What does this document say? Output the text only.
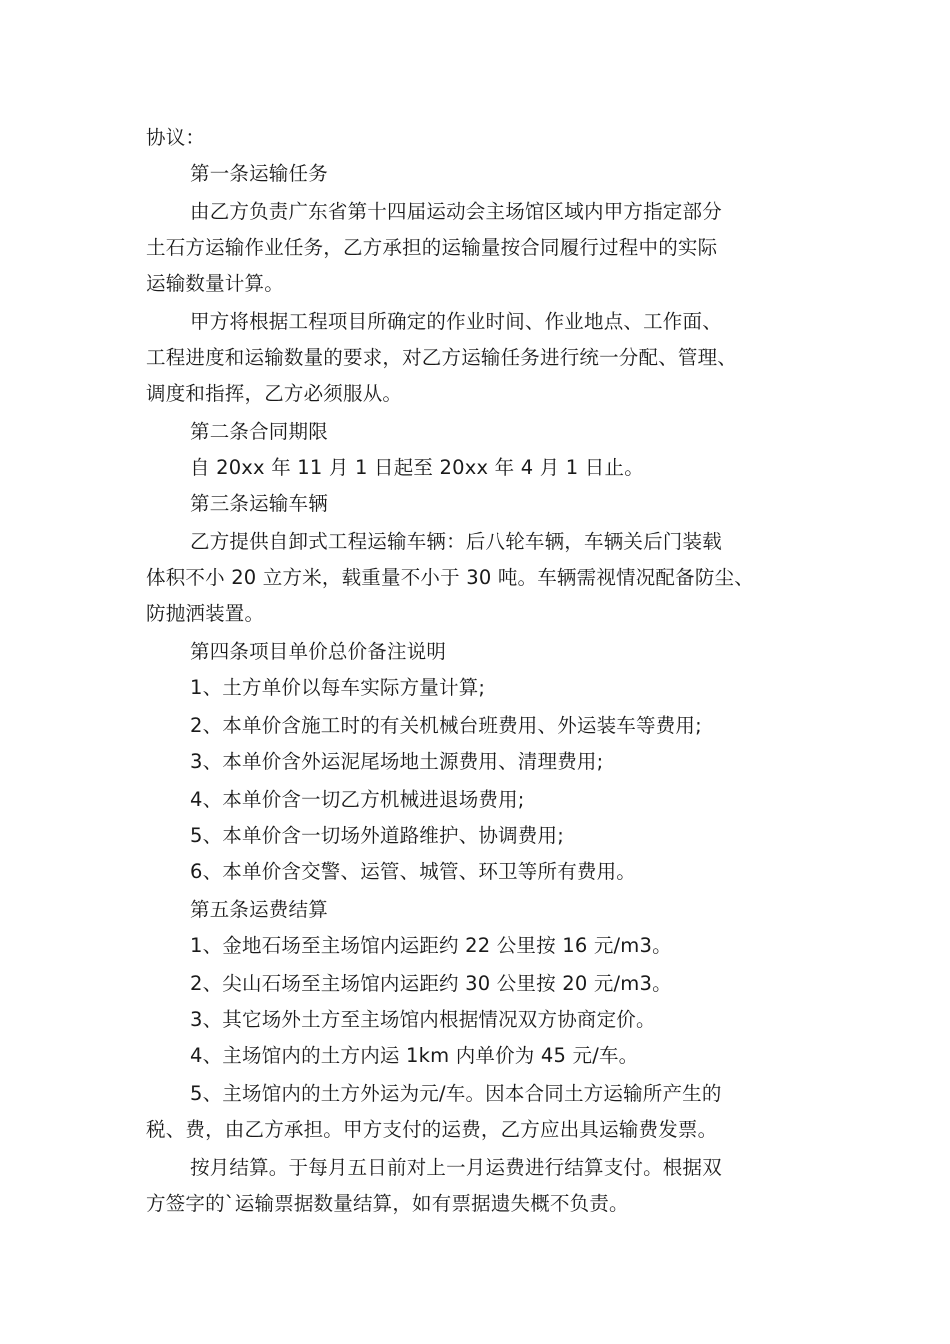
协议：
第一条运输任务
由乙方负责广东省第十四届运动会主场馆区域内甲方指定部分
土石方运输作业任务，乙方承担的运输量按合同履行过程中的实际
运输数量计算。
甲方将根据工程项目所确定的作业时间、作业地点、工作面、
工程进度和运输数量的要求，对乙方运输任务进行统一分配、管理、
调度和指挥，乙方必须服从。
第二条合同期限
自 20xx 年 11 月 1 日起至 20xx 年 4 月 1 日止。
第三条运输车辆
乙方提供自卸式工程运输车辆：后八轮车辆，车辆关后门装载
体积不小 20 立方米，载重量不小于 30 吨。车辆需视情况配备防尘、
防抛洒装置。
第四条项目单价总价备注说明
1、土方单价以每车实际方量计算;
2、本单价含施工时的有关机械台班费用、外运装车等费用;
3、本单价含外运泥尾场地土源费用、清理费用;
4、本单价含一切乙方机械进退场费用;
5、本单价含一切场外道路维护、协调费用;
6、本单价含交警、运管、城管、环卫等所有费用。
第五条运费结算
1、金地石场至主场馆内运距约 22 公里按 16 元/m3。
2、尖山石场至主场馆内运距约 30 公里按 20 元/m3。
3、其它场外土方至主场馆内根据情况双方协商定价。
4、主场馆内的土方内运 1km 内单价为 45 元/车。
5、主场馆内的土方外运为元/车。因本合同土方运输所产生的
税、费，由乙方承担。甲方支付的运费，乙方应出具运输费发票。
按月结算。于每月五日前对上一月运费进行结算支付。根据双
方签字的`运输票据数量结算，如有票据遗失概不负责。
